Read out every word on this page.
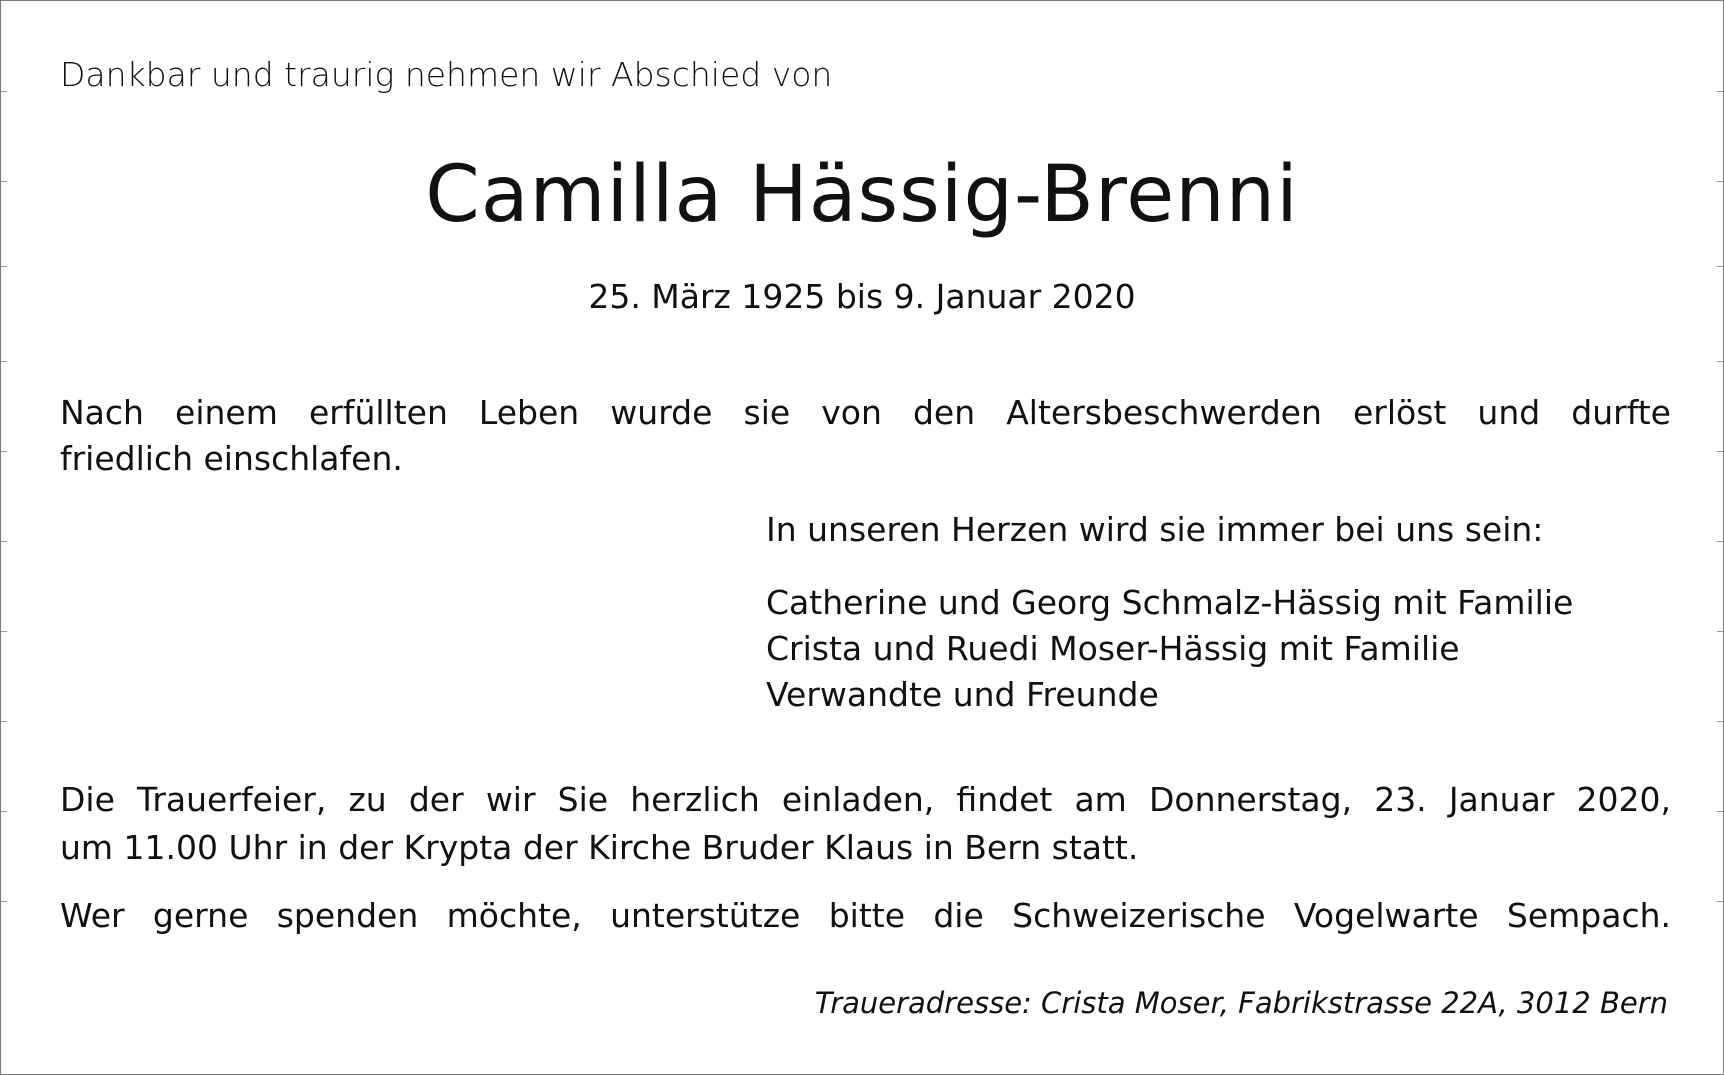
Dankbar und traurig nehmen wir Abschied von
Camilla Hässig-Brenni
25. März 1925 bis 9. Januar 2020
Nach einem erfüllten Leben wurde sie von den Altersbeschwerden erlöst und durfte
friedlich einschlafen.
In unseren Herzen wird sie immer bei uns sein:
Catherine und Georg Schmalz-Hässig mit Familie
Crista und Ruedi Moser-Hässig mit Familie
Verwandte und Freunde
Die Trauerfeier, zu der wir Sie herzlich einladen, findet am Donnerstag, 23. Januar 2020,
um 11.00 Uhr in der Krypta der Kirche Bruder Klaus in Bern statt.
Wer gerne spenden möchte, unterstütze bitte die Schweizerische Vogelwarte Sempach.
Traueradresse: Crista Moser, Fabrikstrasse 22A, 3012 Bern
